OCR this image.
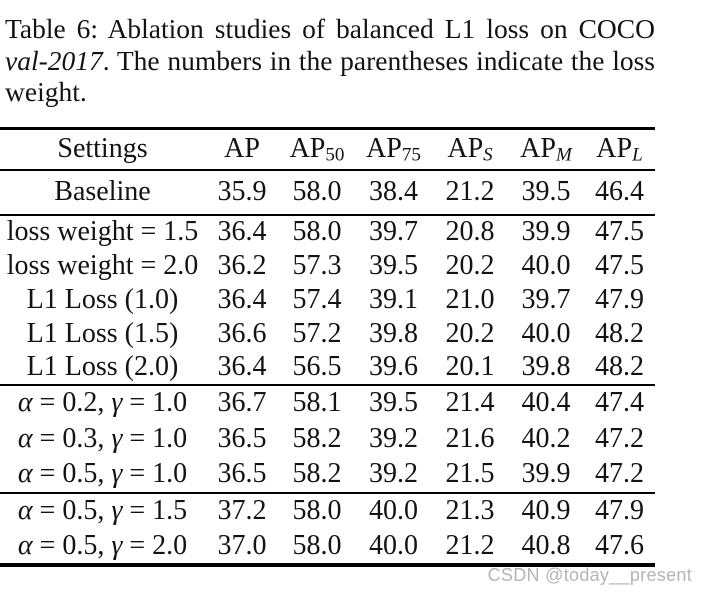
Table 6: Ablation studies of balanced L1 loss on COCO
val-2017. The numbers in the parentheses indicate the loss
weight.
Settings	AP	$AP_{50}$	$AP_{75}$	$AP_S$	$AP_M$	$AP_L$
Baseline	35.9	58.0	38.4	21.2	39.5	46.4
loss weight = 1.5	36.4	58.0	39.7	20.8	39.9	47.5
loss weight = 2.0	36.2	57.3	39.5	20.2	40.0	47.5
L1 Loss (1.0)	36.4	57.4	39.1	21.0	39.7	47.9
L1 Loss (1.5)	36.6	57.2	39.8	20.2	40.0	48.2
L1 Loss (2.0)	36.4	56.5	39.6	20.1	39.8	48.2
α = 0.2, γ = 1.0	36.7	58.1	39.5	21.4	40.4	47.4
α = 0.3, γ = 1.0	36.5	58.2	39.2	21.6	40.2	47.2
α = 0.5, γ = 1.0	36.5	58.2	39.2	21.5	39.9	47.2
α = 0.5, γ = 1.5	37.2	58.0	40.0	21.3	40.9	47.9
α = 0.5, γ = 2.0	37.0	58.0	40.0	21.2	40.8	47.6
CSDN @today__present
